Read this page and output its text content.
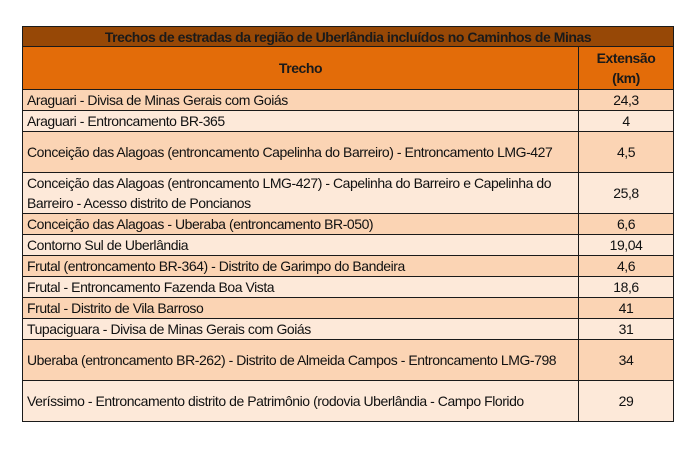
Trechos de estradas da região de Uberlândia incluídos no Caminhos de Minas	
Trecho	Extensão (km)
Araguari - Divisa de Minas Gerais com Goiás	24,3
Araguari - Entroncamento BR-365	4
Conceição das Alagoas (entroncamento Capelinha do Barreiro) - Entroncamento LMG-427	4,5
Conceição das Alagoas (entroncamento LMG-427) - Capelinha do Barreiro e Capelinha do Barreiro - Acesso distrito de Poncianos	25,8
Conceição das Alagoas - Uberaba (entroncamento BR-050)	6,6
Contorno Sul de Uberlândia	19,04
Frutal (entroncamento BR-364) - Distrito de Garimpo do Bandeira	4,6
Frutal - Entroncamento Fazenda Boa Vista	18,6
Frutal - Distrito de Vila Barroso	41
Tupaciguara - Divisa de Minas Gerais com Goiás	31
Uberaba (entroncamento BR-262) - Distrito de Almeida Campos - Entroncamento LMG-798	34
Veríssimo - Entroncamento distrito de Patrimônio (rodovia Uberlândia - Campo Florido	29
